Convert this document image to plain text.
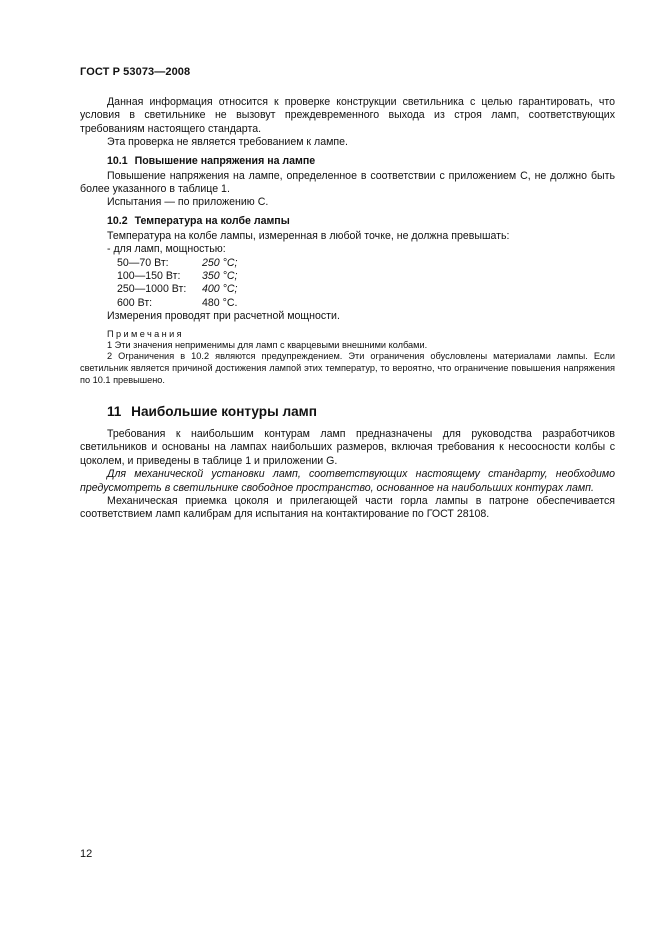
ГОСТ Р 53073—2008

Данная информация относится к проверке конструкции светильника с целью гарантировать, что условия в светильнике не вызовут преждевременного выхода из строя ламп, соответствующих требованиям настоящего стандарта.

Эта проверка не является требованием к лампе.

10.1 Повышение напряжения на лампе

Повышение напряжения на лампе, определенное в соответствии с приложением С, не должно быть более указанного в таблице 1.

Испытания — по приложению С.

10.2 Температура на колбе лампы

Температура на колбе лампы, измеренная в любой точке, не должна превышать:

- для ламп, мощностью:

50—70 Вт:	250 °C;
100—150 Вт:	350 °C;
250—1000 Вт:	400 °C;
600 Вт:	480 °C.

Измерения проводят при расчетной мощности.

Примечания

1 Эти значения неприменимы для ламп с кварцевыми внешними колбами.

2 Ограничения в 10.2 являются предупреждением. Эти ограничения обусловлены материалами лампы. Если светильник является причиной достижения лампой этих температур, то вероятно, что ограничение повышения напряжения по 10.1 превышено.

11 Наибольшие контуры ламп

Требования к наибольшим контурам ламп предназначены для руководства разработчиков светильников и основаны на лампах наибольших размеров, включая требования к несоосности колбы с цоколем, и приведены в таблице 1 и приложении G.

Для механической установки ламп, соответствующих настоящему стандарту, необходимо предусмотреть в светильнике свободное пространство, основанное на наибольших контурах ламп.

Механическая приемка цоколя и прилегающей части горла лампы в патроне обеспечивается соответствием ламп калибрам для испытания на контактирование по ГОСТ 28108.

12
